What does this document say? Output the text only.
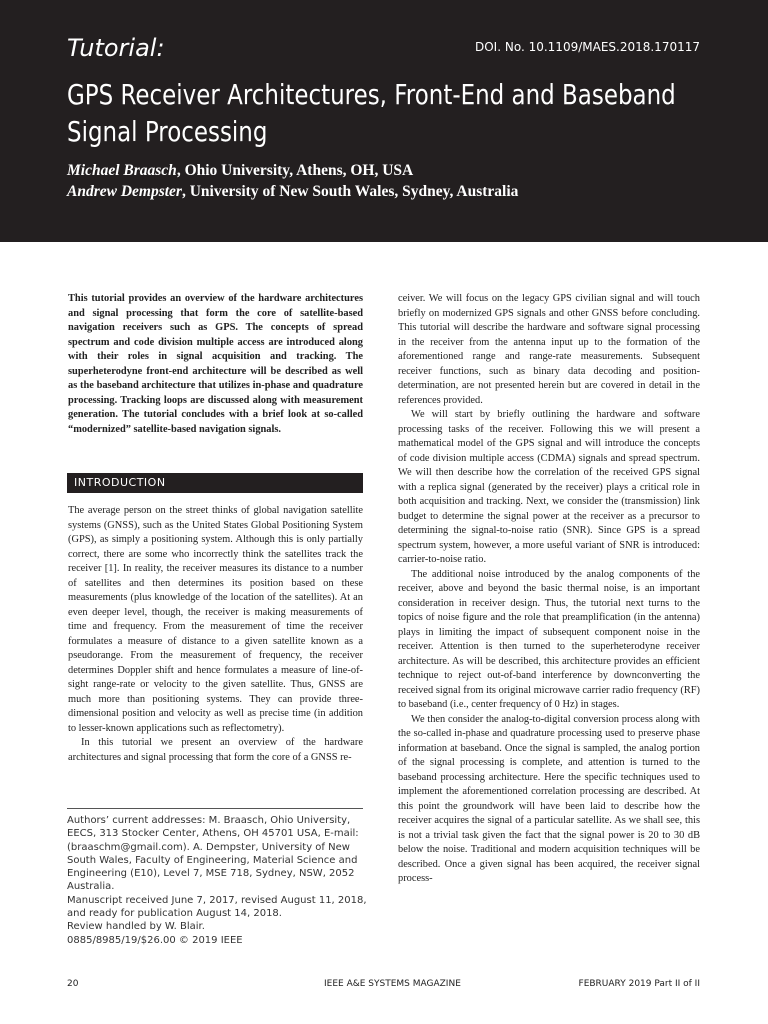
Tutorial:	DOI. No. 10.1109/MAES.2018.170117
GPS Receiver Architectures, Front-End and Baseband Signal Processing
Michael Braasch, Ohio University, Athens, OH, USA
Andrew Dempster, University of New South Wales, Sydney, Australia

This tutorial provides an overview of the hardware architectures and signal processing that form the core of satellite-based navigation receivers such as GPS. The concepts of spread spectrum and code division multiple access are introduced along with their roles in signal acquisition and tracking. The superheterodyne front-end architecture will be described as well as the baseband architecture that utilizes in-phase and quadrature processing. Tracking loops are discussed along with measurement generation. The tutorial concludes with a brief look at so-called “modernized” satellite-based navigation signals.

INTRODUCTION

The average person on the street thinks of global navigation satellite systems (GNSS), such as the United States Global Positioning System (GPS), as simply a positioning system. Although this is only partially correct, there are some who incorrectly think the satellites track the receiver [1]. In reality, the receiver measures its distance to a number of satellites and then determines its position based on these measurements (plus knowledge of the location of the satellites). At an even deeper level, though, the receiver is making measurements of time and frequency. From the measurement of time the receiver formulates a measure of distance to a given satellite known as a pseudorange. From the measurement of frequency, the receiver determines Doppler shift and hence formulates a measure of line-of-sight range-rate or velocity to the given satellite. Thus, GNSS are much more than positioning systems. They can provide three-dimensional position and velocity as well as precise time (in addition to lesser-known applications such as reflectometry).

In this tutorial we present an overview of the hardware architectures and signal processing that form the core of a GNSS re-

Authors’ current addresses: M. Braasch, Ohio University, EECS, 313 Stocker Center, Athens, OH 45701 USA, E-mail: (braaschm@gmail.com). A. Dempster, University of New South Wales, Faculty of Engineering, Material Science and Engineering (E10), Level 7, MSE 718, Sydney, NSW, 2052 Australia.

Manuscript received June 7, 2017, revised August 11, 2018, and ready for publication August 14, 2018.

Review handled by W. Blair.

0885/8985/19/$26.00 © 2019 IEEE

ceiver. We will focus on the legacy GPS civilian signal and will touch briefly on modernized GPS signals and other GNSS before concluding. This tutorial will describe the hardware and software signal processing in the receiver from the antenna input up to the formation of the aforementioned range and range-rate measurements. Subsequent receiver functions, such as binary data decoding and position-determination, are not presented herein but are covered in detail in the references provided.

We will start by briefly outlining the hardware and software processing tasks of the receiver. Following this we will present a mathematical model of the GPS signal and will introduce the concepts of code division multiple access (CDMA) signals and spread spectrum. We will then describe how the correlation of the received GPS signal with a replica signal (generated by the receiver) plays a critical role in both acquisition and tracking. Next, we consider the (transmission) link budget to determine the signal power at the receiver as a precursor to determining the signal-to-noise ratio (SNR). Since GPS is a spread spectrum system, however, a more useful variant of SNR is introduced: carrier-to-noise ratio.

The additional noise introduced by the analog components of the receiver, above and beyond the basic thermal noise, is an important consideration in receiver design. Thus, the tutorial next turns to the topics of noise figure and the role that preamplification (in the antenna) plays in limiting the impact of subsequent component noise in the receiver. Attention is then turned to the superheterodyne receiver architecture. As will be described, this architecture provides an efficient technique to reject out-of-band interference by downconverting the received signal from its original microwave carrier radio frequency (RF) to baseband (i.e., center frequency of 0 Hz) in stages.

We then consider the analog-to-digital conversion process along with the so-called in-phase and quadrature processing used to preserve phase information at baseband. Once the signal is sampled, the analog portion of the signal processing is complete, and attention is turned to the baseband processing architecture. Here the specific techniques used to implement the aforementioned correlation processing are described. At this point the groundwork will have been laid to describe how the receiver acquires the signal of a particular satellite. As we shall see, this is not a trivial task given the fact that the signal power is 20 to 30 dB below the noise. Traditional and modern acquisition techniques will be described. Once a given signal has been acquired, the receiver signal process-

20	IEEE A&E SYSTEMS MAGAZINE	FEBRUARY 2019 Part II of II
